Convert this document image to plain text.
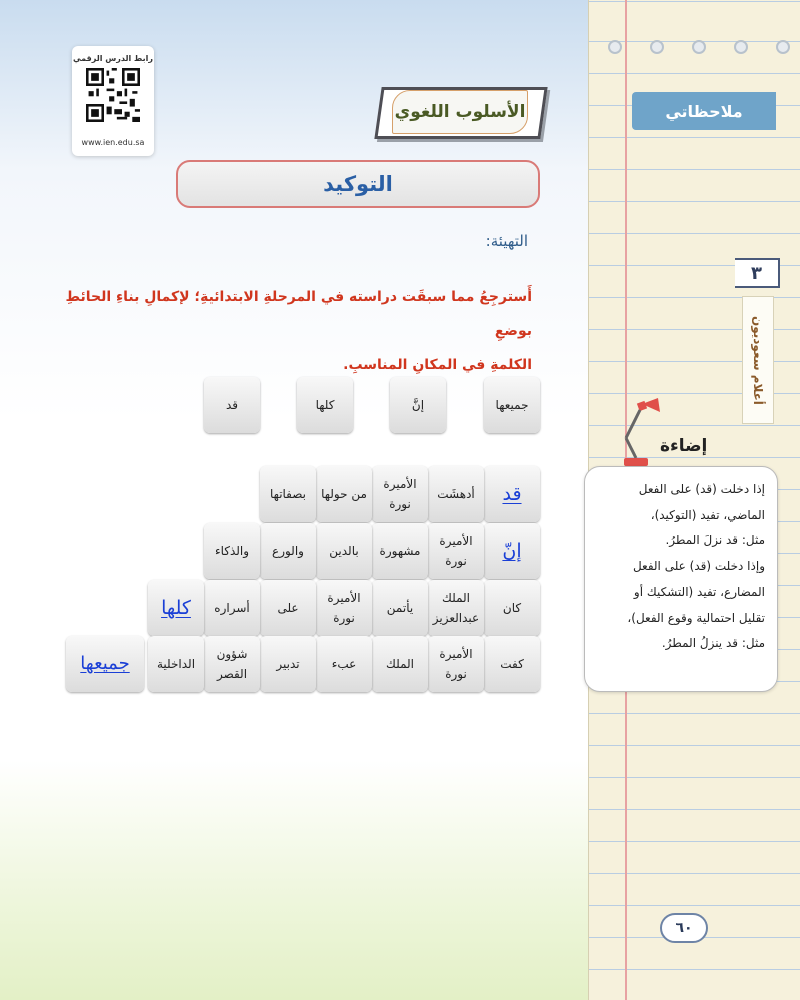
رابط الدرس الرقمي
www.ien.edu.sa
الأسلوب اللغوي
التوكيد
التهيئة:
أَسترجِعُ مما سبقَت دراسته في المرحلةِ الابتدائيةِ؛ لإكمالِ بناءِ الحائطِ بوضعِ
الكلمةِ في المكانِ المناسبِ.
جميعها
إنَّ
كلها
قد
قد
أدهشَت
الأميرة نورة
من حولها
بصفاتها
إنّ
الأميرة نورة
مشهورة
بالدين
والورع
والذكاء
كان
الملك عبدالعزيز
يأتمن
الأميرة نورة
على
أسراره
كلها
كفت
الأميرة نورة
الملك
عبء
تدبير
شؤون القصر
الداخلية
جميعها
ملاحظاتي
٣
أعلام سعوديون
إضاءة
إذا دخلت (قد) على الفعل
الماضي، تفيد (التوكيد)،
مثل: قد نزلَ المطرُ.
وإذا دخلت (قد) على الفعل
المضارع، تفيد (التشكيك أو
تقليل احتمالية وقوع الفعل)،
مثل: قد ينزلُ المطرُ.
٦٠
